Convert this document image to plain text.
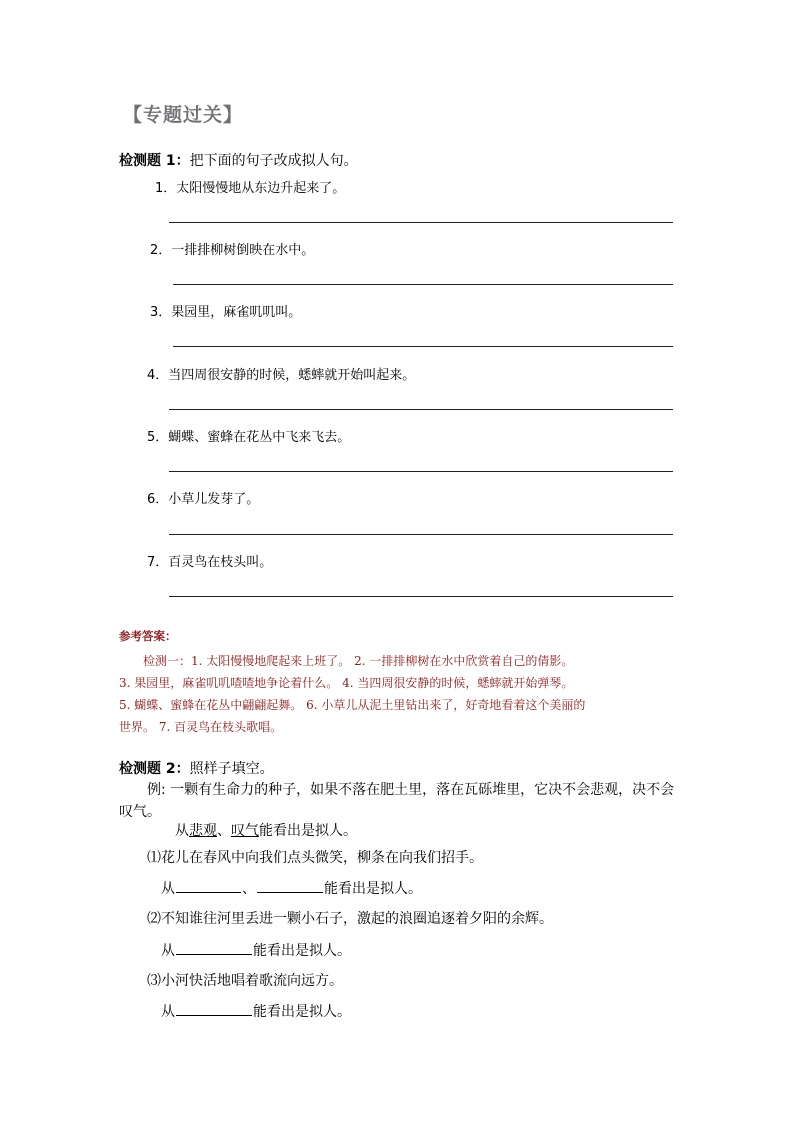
【专题过关】
检测题 1：把下面的句子改成拟人句。
1．太阳慢慢地从东边升起来了。
2．一排排柳树倒映在水中。
3．果园里，麻雀叽叽叫。
4．当四周很安静的时候，蟋蟀就开始叫起来。
5．蝴蝶、蜜蜂在花丛中飞来飞去。
6．小草儿发芽了。
7．百灵鸟在枝头叫。
参考答案：
检测一：1. 太阳慢慢地爬起来上班了。 2. 一排排柳树在水中欣赏着自己的倩影。
3. 果园里，麻雀叽叽喳喳地争论着什么。 4. 当四周很安静的时候，蟋蟀就开始弹琴。
5. 蝴蝶、蜜蜂在花丛中翩翩起舞。 6. 小草儿从泥土里钻出来了，好奇地看着这个美丽的
世界。 7. 百灵鸟在枝头歌唱。
检测题 2：照样子填空。
例: 一颗有生命力的种子，如果不落在肥土里，落在瓦砾堆里，它决不会悲观，决不会
叹气。
从悲观、叹气能看出是拟人。
⑴花儿在春风中向我们点头微笑，柳条在向我们招手。
从	、	能看出是拟人。
⑵不知谁往河里丢进一颗小石子，激起的浪圈追逐着夕阳的余辉。
从	能看出是拟人。
⑶小河快活地唱着歌流向远方。
从	能看出是拟人。
